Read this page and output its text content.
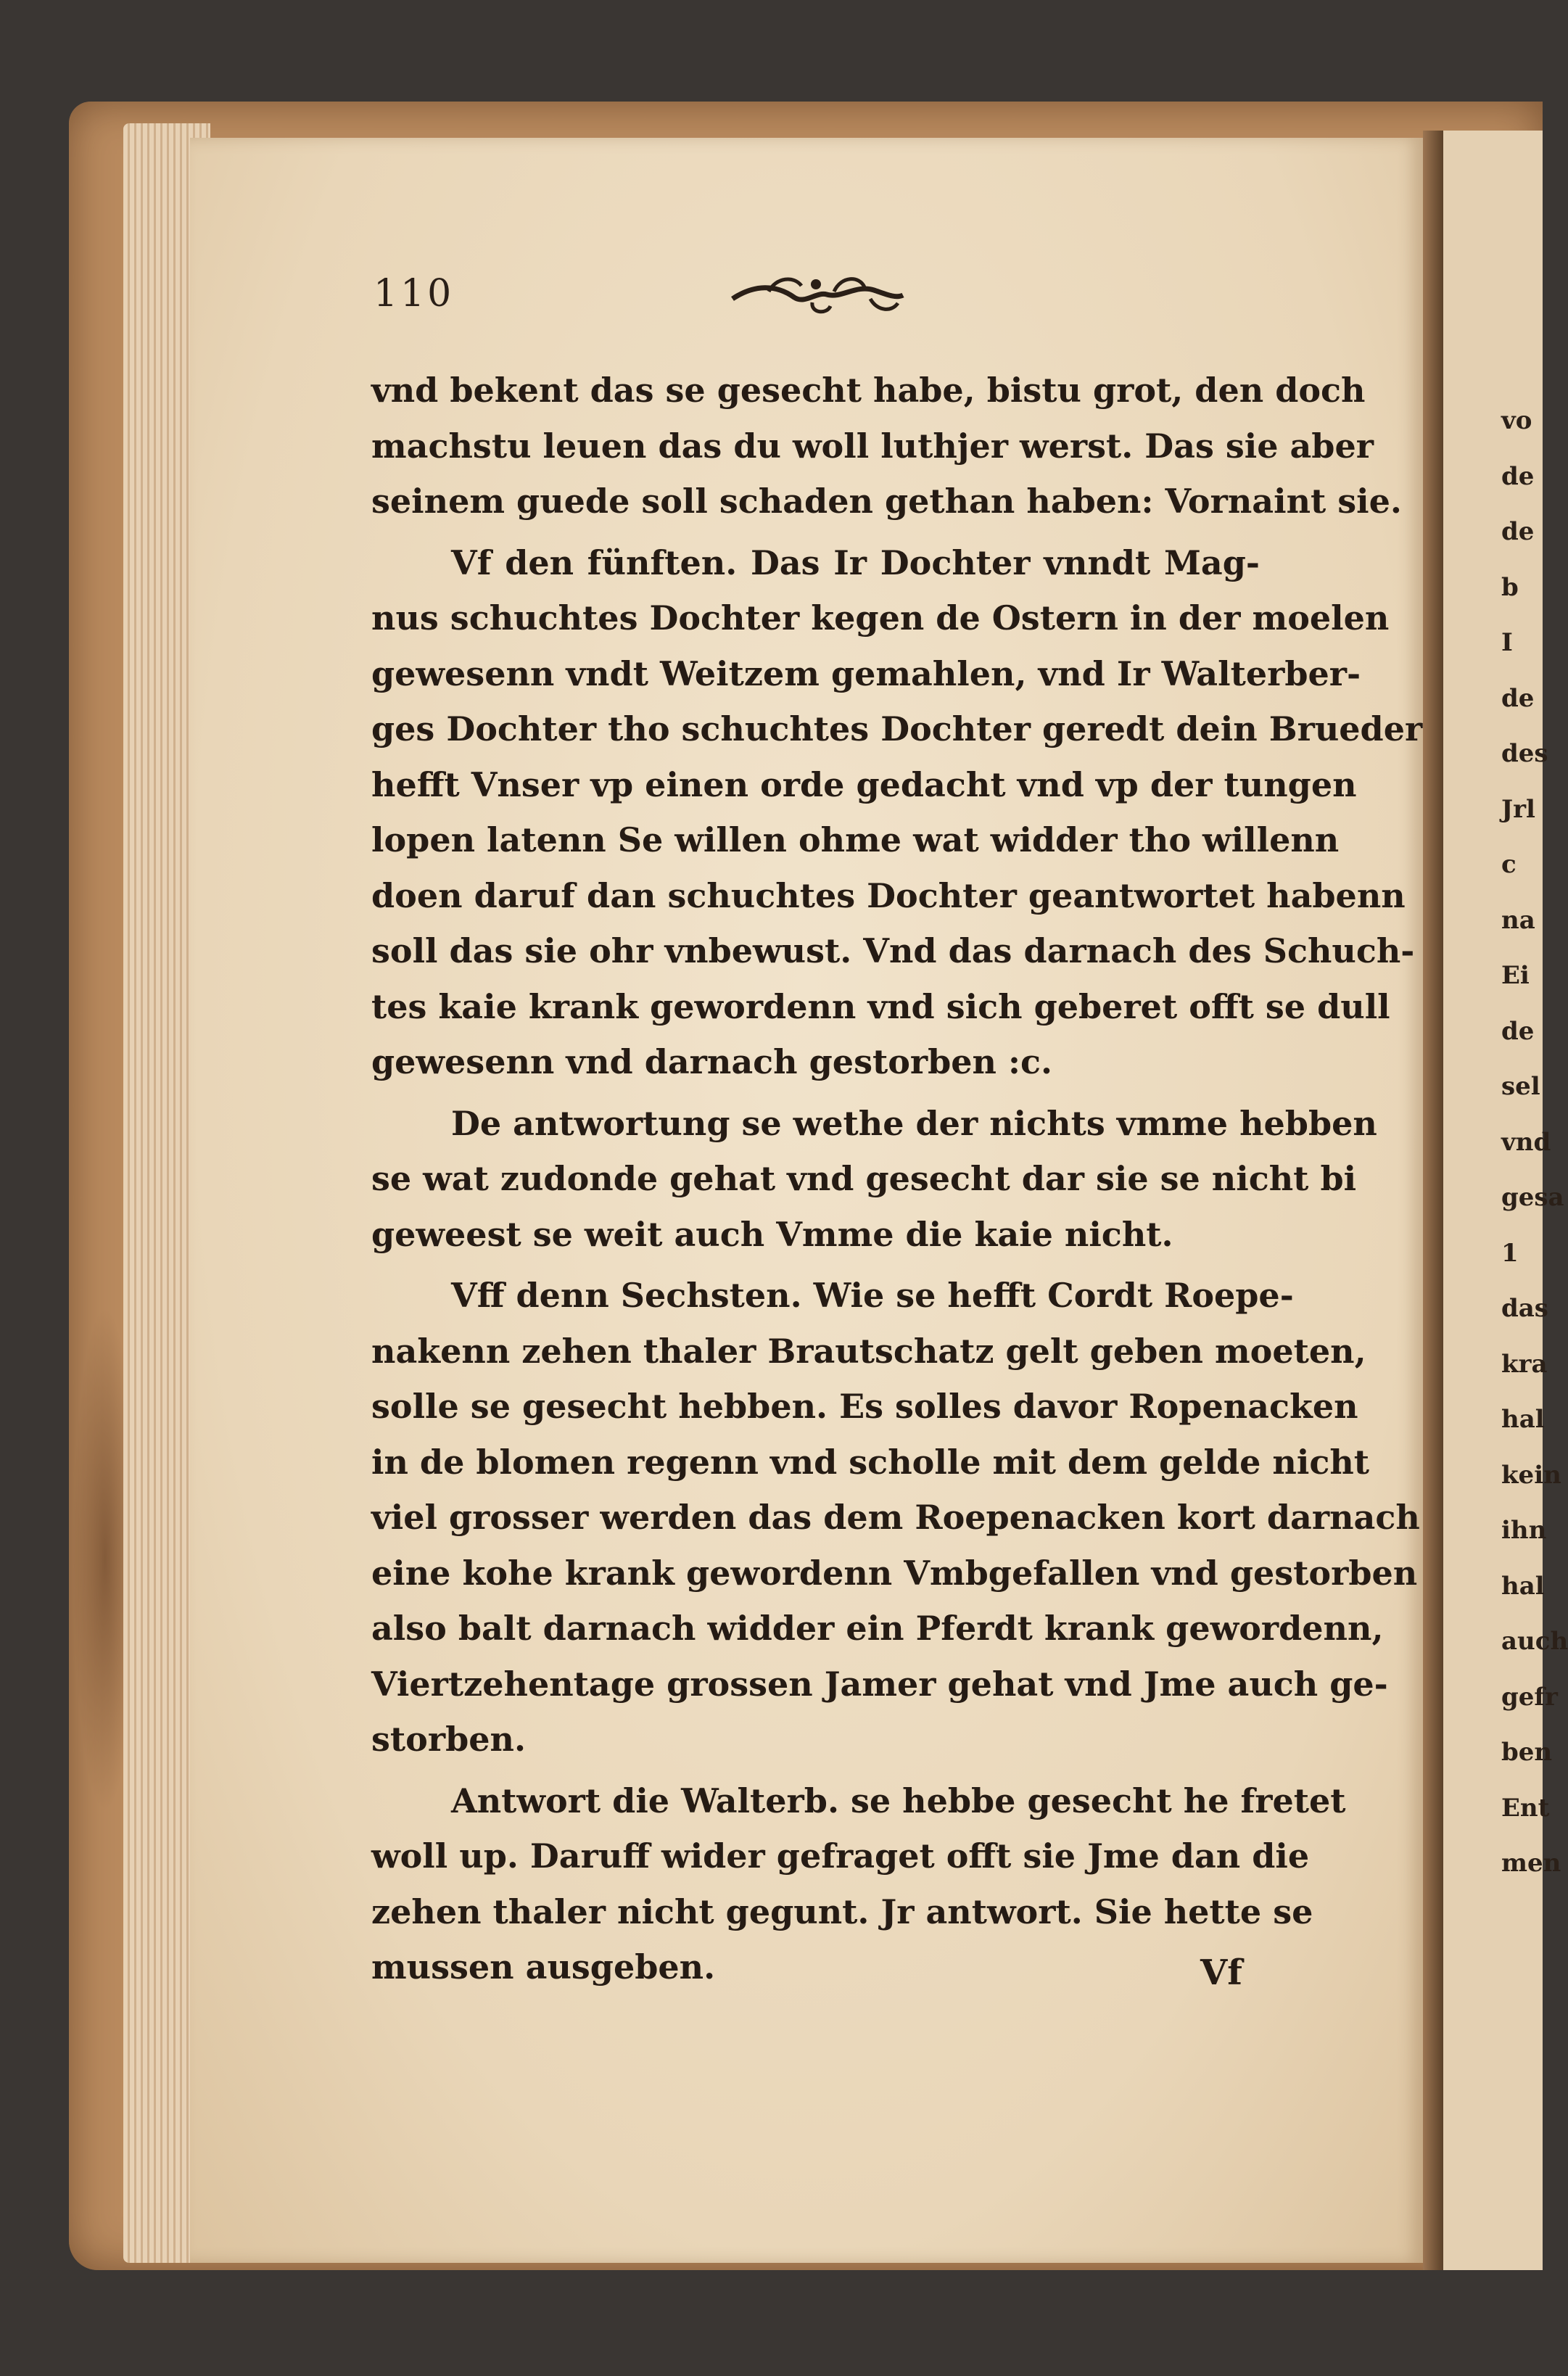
110
vnd bekent das se gesecht habe, bistu grot, den doch
machstu leuen das du woll luthjer werst. Das sie aber
seinem guede soll schaden gethan haben: Vornaint sie.
Vf den fünften. Das Ir Dochter vnndt Mag-
nus schuchtes Dochter kegen de Ostern in der moelen
gewesenn vndt Weitzem gemahlen, vnd Ir Walterber-
ges Dochter tho schuchtes Dochter geredt dein Brueder
hefft Vnser vp einen orde gedacht vnd vp der tungen
lopen latenn Se willen ohme wat widder tho willenn
doen daruf dan schuchtes Dochter geantwortet habenn
soll das sie ohr vnbewust. Vnd das darnach des Schuch-
tes kaie krank gewordenn vnd sich geberet offt se dull
gewesenn vnd darnach gestorben :c.
De antwortung se wethe der nichts vmme hebben
se wat zudonde gehat vnd gesecht dar sie se nicht bi
geweest se weit auch Vmme die kaie nicht.
Vff denn Sechsten. Wie se hefft Cordt Roepe-
nakenn zehen thaler Brautschatz gelt geben moeten,
solle se gesecht hebben. Es solles davor Ropenacken
in de blomen regenn vnd scholle mit dem gelde nicht
viel grosser werden das dem Roepenacken kort darnach
eine kohe krank gewordenn Vmbgefallen vnd gestorben
also balt darnach widder ein Pferdt krank gewordenn,
Viertzehentage grossen Jamer gehat vnd Jme auch ge-
storben.
Antwort die Walterb. se hebbe gesecht he fretet
woll up. Daruff wider gefraget offt sie Jme dan die
zehen thaler nicht gegunt. Jr antwort. Sie hette se
mussen ausgeben.	Vf
vo
de
de
b
I
de
des
Jrl
c
na
Ei
de
sel
vnd
gesa
1
das
kra
hal
kein
ihn
hal
auch
gefr
ben
Ent
men
